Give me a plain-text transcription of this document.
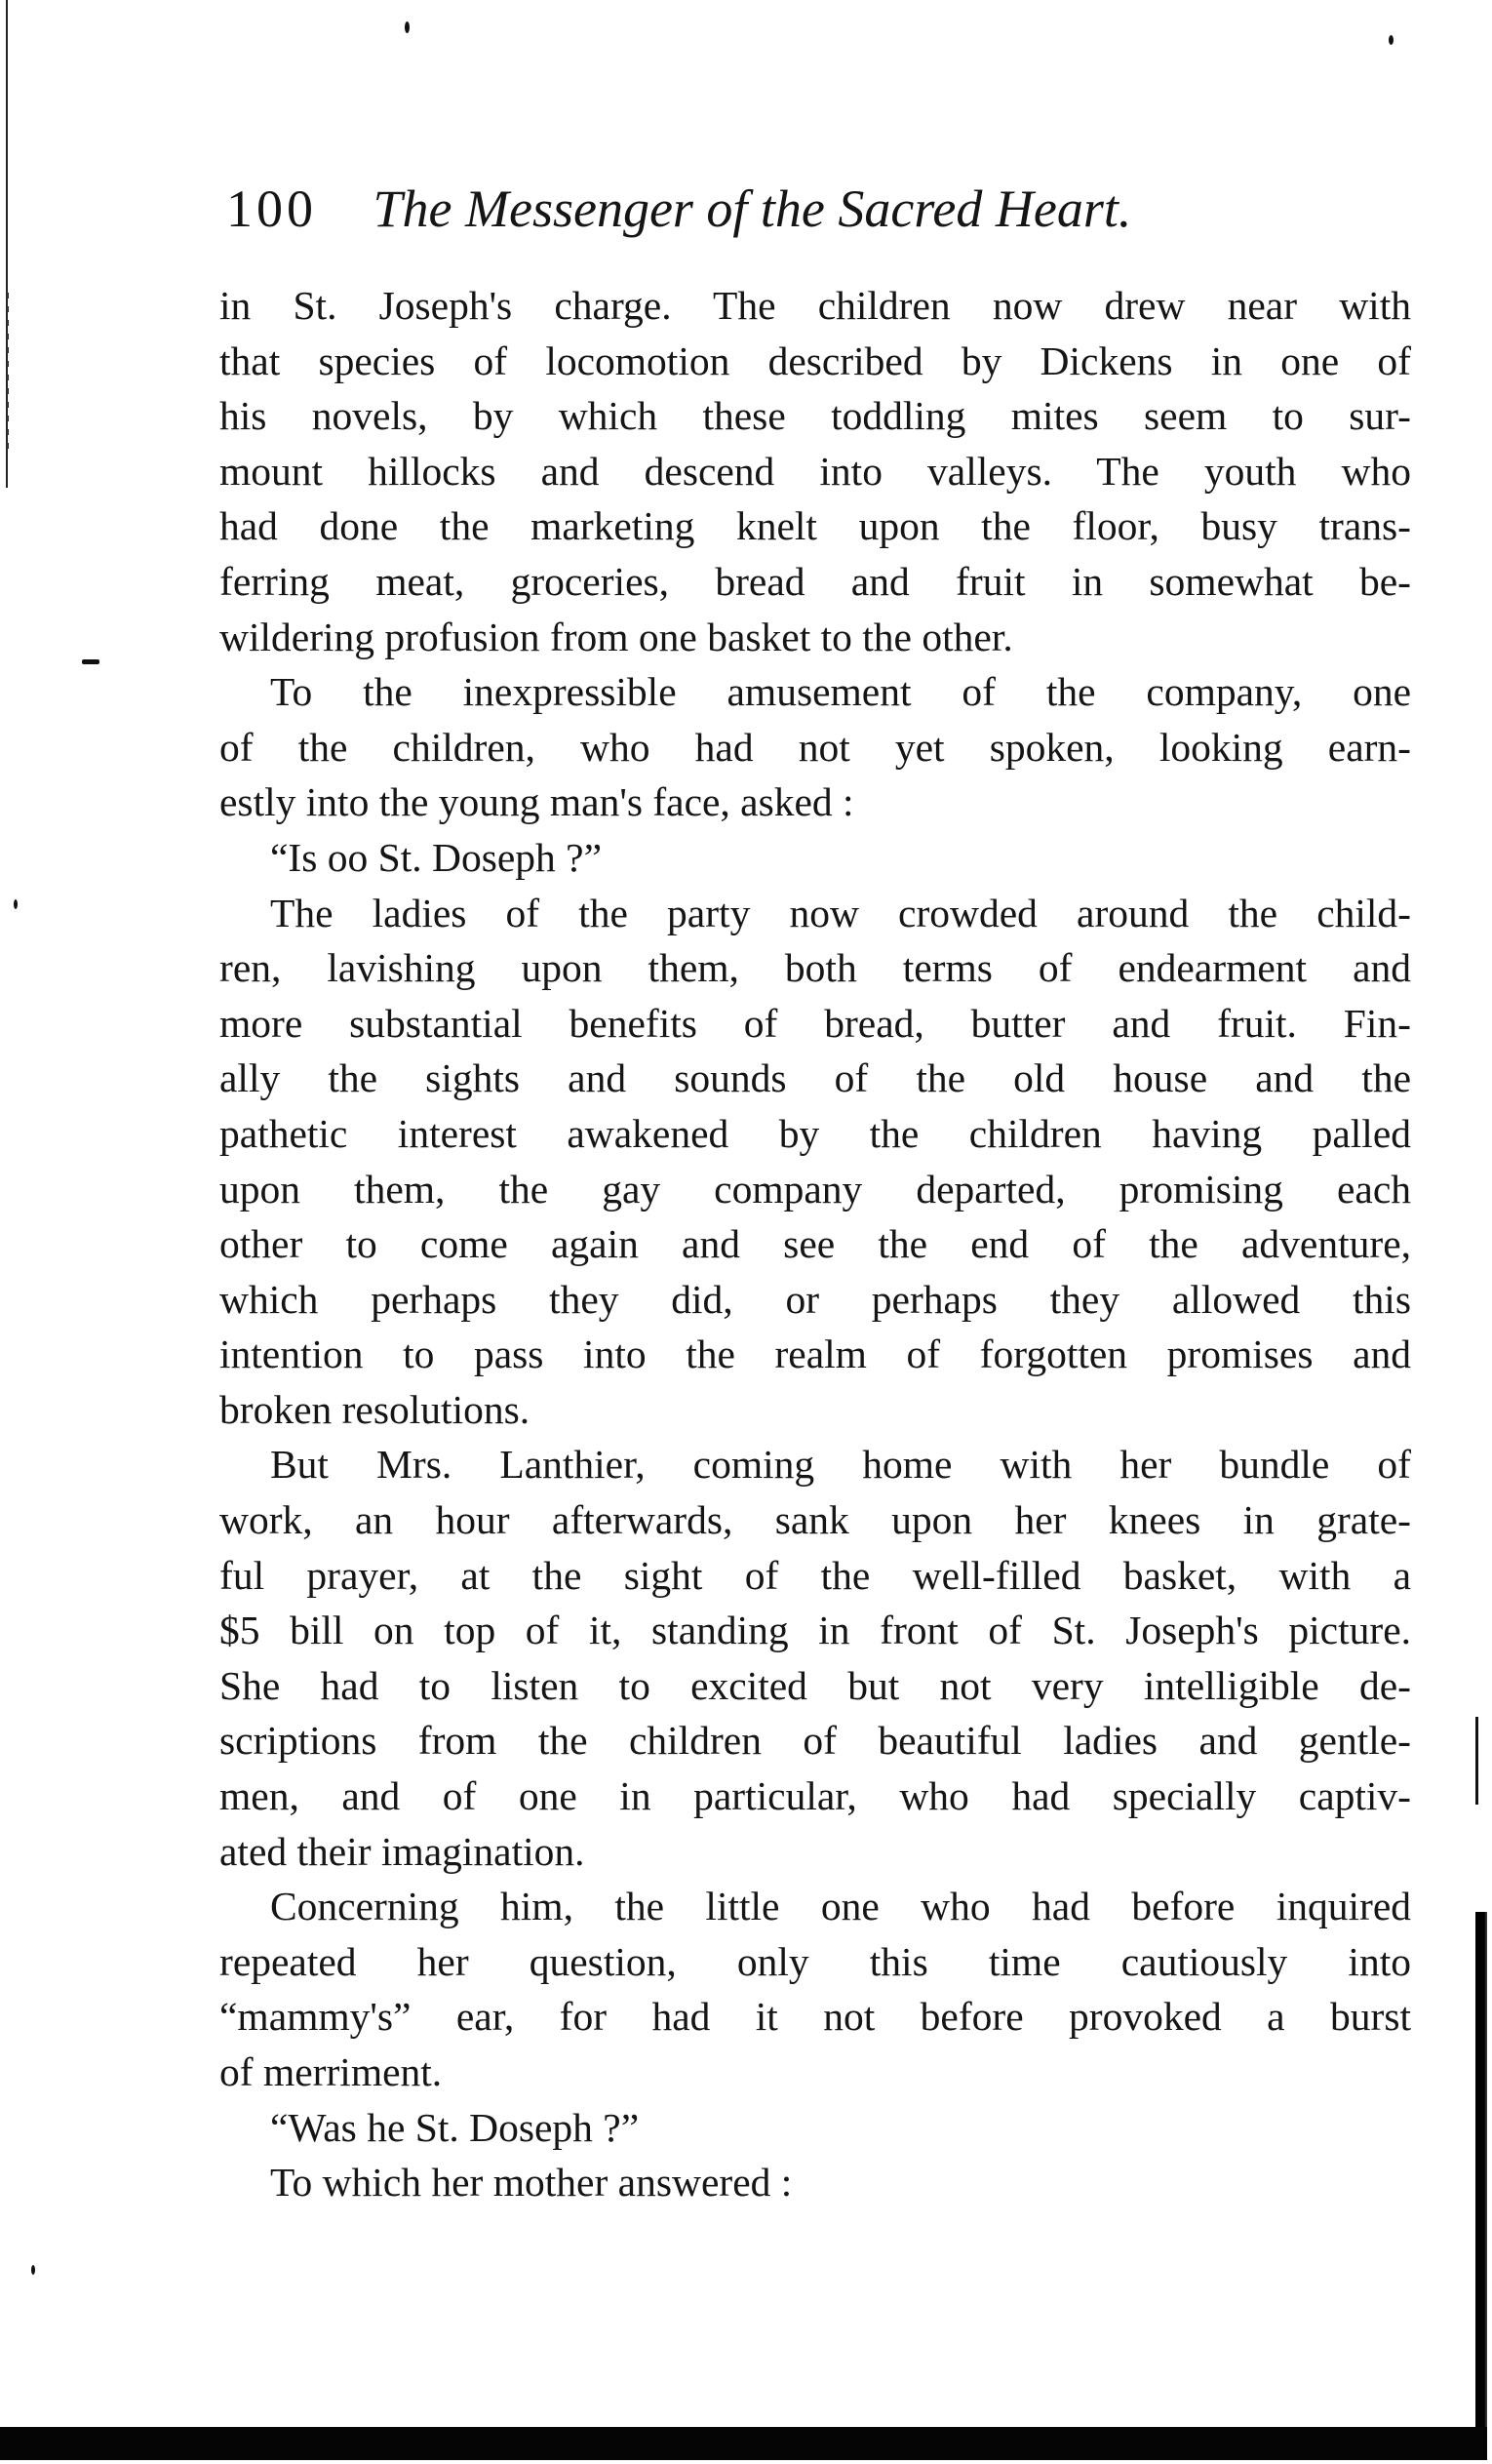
100 The Messenger of the Sacred Heart.
in St. Joseph's charge. The children now drew near with
that species of locomotion described by Dickens in one of
his novels, by which these toddling mites seem to sur-
mount hillocks and descend into valleys. The youth who
had done the marketing knelt upon the floor, busy trans-
ferring meat, groceries, bread and fruit in somewhat be-
wildering profusion from one basket to the other.
To the inexpressible amusement of the company, one
of the children, who had not yet spoken, looking earn-
estly into the young man's face, asked :
“Is oo St. Doseph ?”
The ladies of the party now crowded around the child-
ren, lavishing upon them, both terms of endearment and
more substantial benefits of bread, butter and fruit. Fin-
ally the sights and sounds of the old house and the
pathetic interest awakened by the children having palled
upon them, the gay company departed, promising each
other to come again and see the end of the adventure,
which perhaps they did, or perhaps they allowed this
intention to pass into the realm of forgotten promises and
broken resolutions.
But Mrs. Lanthier, coming home with her bundle of
work, an hour afterwards, sank upon her knees in grate-
ful prayer, at the sight of the well-filled basket, with a
$5 bill on top of it, standing in front of St. Joseph's picture.
She had to listen to excited but not very intelligible de-
scriptions from the children of beautiful ladies and gentle-
men, and of one in particular, who had specially captiv-
ated their imagination.
Concerning him, the little one who had before inquired
repeated her question, only this time cautiously into
“mammy's” ear, for had it not before provoked a burst
of merriment.
“Was he St. Doseph ?”
To which her mother answered :
